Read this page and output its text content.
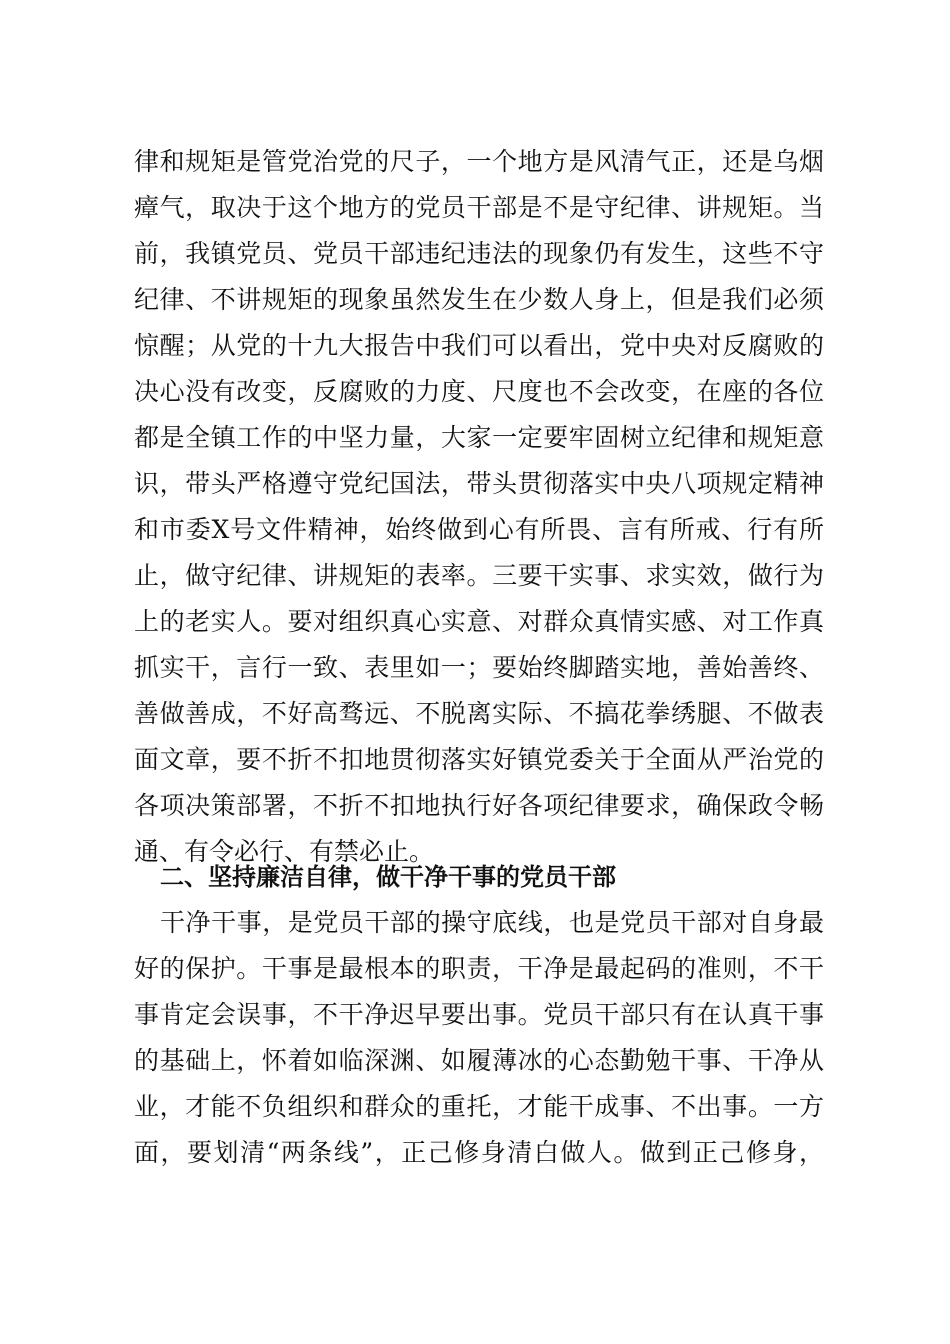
律和规矩是管党治党的尺子，一个地方是风清气正，还是乌烟
瘴气，取决于这个地方的党员干部是不是守纪律、讲规矩。当
前，我镇党员、党员干部违纪违法的现象仍有发生，这些不守
纪律、不讲规矩的现象虽然发生在少数人身上，但是我们必须
惊醒；从党的十九大报告中我们可以看出，党中央对反腐败的
决心没有改变，反腐败的力度、尺度也不会改变，在座的各位
都是全镇工作的中坚力量，大家一定要牢固树立纪律和规矩意
识，带头严格遵守党纪国法，带头贯彻落实中央八项规定精神
和市委X号文件精神，始终做到心有所畏、言有所戒、行有所
止，做守纪律、讲规矩的表率。三要干实事、求实效，做行为
上的老实人。要对组织真心实意、对群众真情实感、对工作真
抓实干，言行一致、表里如一；要始终脚踏实地，善始善终、
善做善成，不好高骛远、不脱离实际、不搞花拳绣腿、不做表
面文章，要不折不扣地贯彻落实好镇党委关于全面从严治党的
各项决策部署，不折不扣地执行好各项纪律要求，确保政令畅
通、有令必行、有禁必止。
二、坚持廉洁自律，做干净干事的党员干部
干净干事，是党员干部的操守底线，也是党员干部对自身最
好的保护。干事是最根本的职责，干净是最起码的准则，不干
事肯定会误事，不干净迟早要出事。党员干部只有在认真干事
的基础上，怀着如临深渊、如履薄冰的心态勤勉干事、干净从
业，才能不负组织和群众的重托，才能干成事、不出事。一方
面，要划清“两条线”，正己修身清白做人。做到正己修身，
